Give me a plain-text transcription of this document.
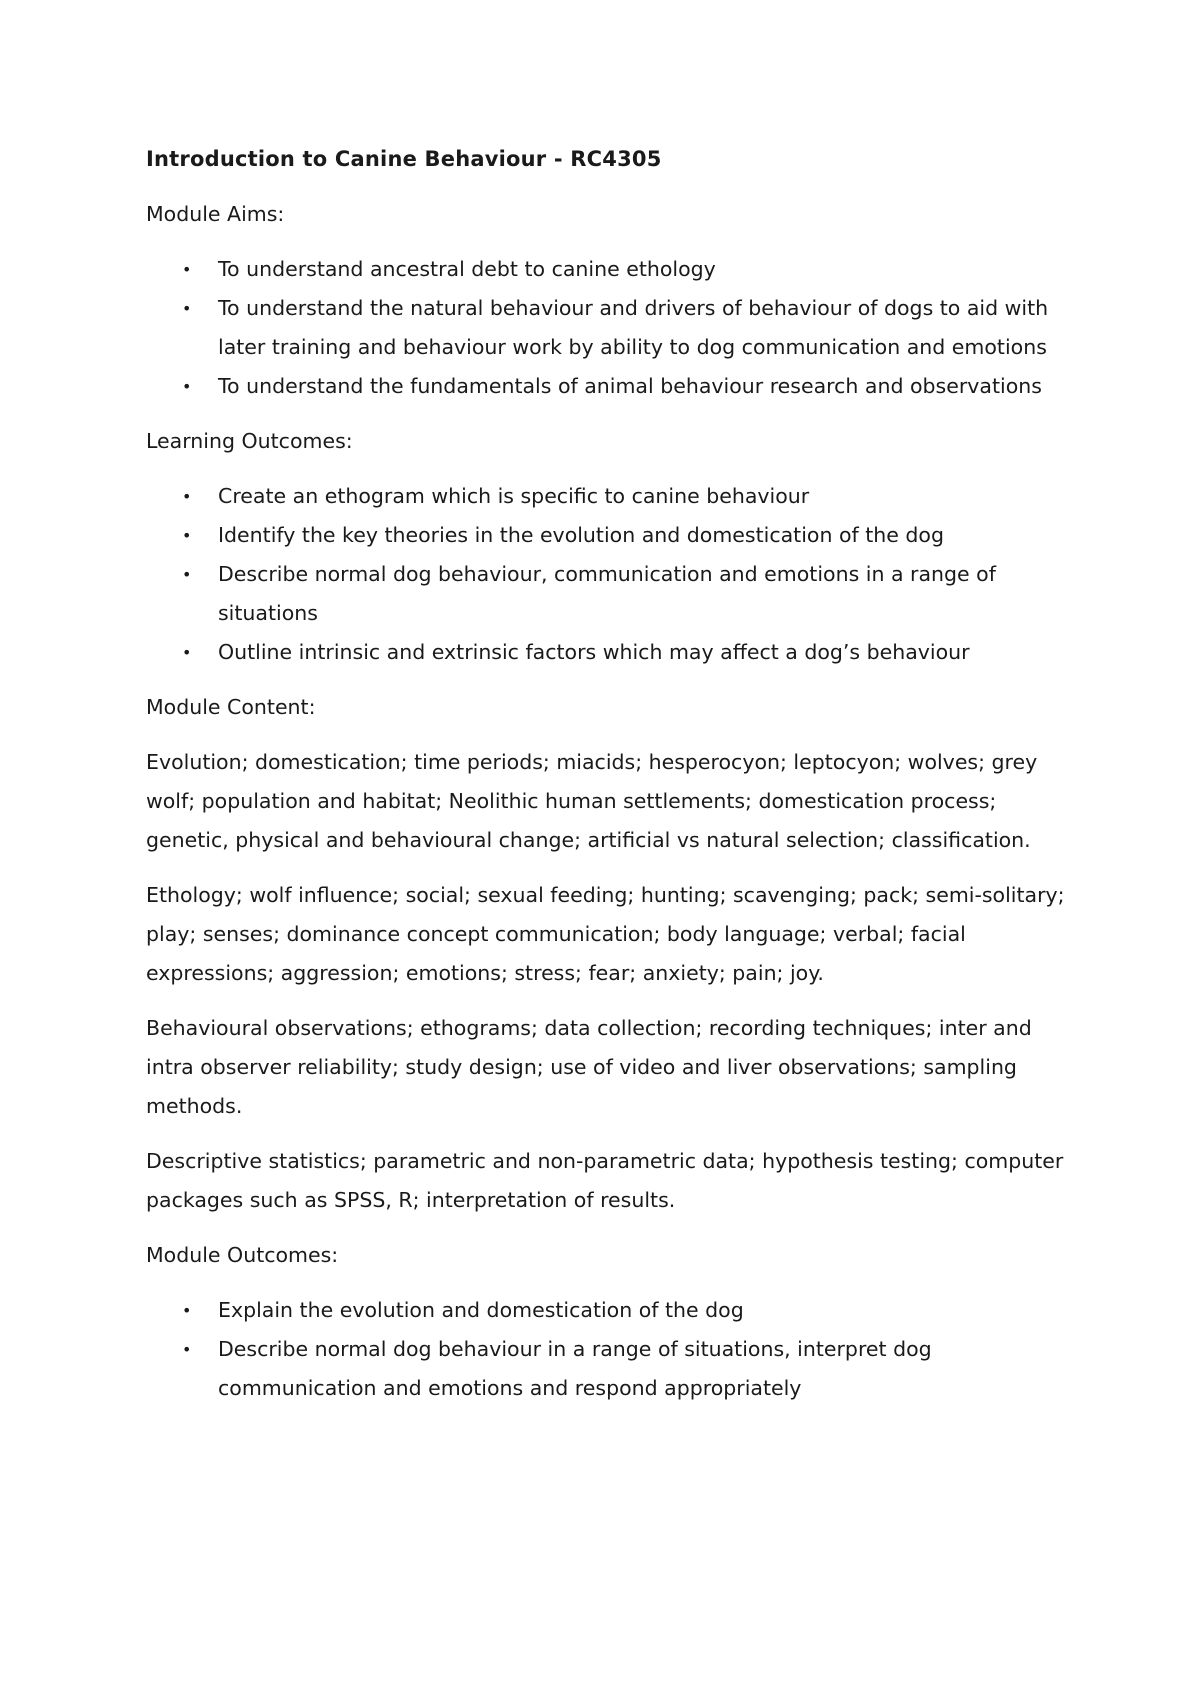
Introduction to Canine Behaviour - RC4305
Module Aims:
• To understand ancestral debt to canine ethology
• To understand the natural behaviour and drivers of behaviour of dogs to aid with later training and behaviour work by ability to dog communication and emotions
• To understand the fundamentals of animal behaviour research and observations
Learning Outcomes:
• Create an ethogram which is specific to canine behaviour
• Identify the key theories in the evolution and domestication of the dog
• Describe normal dog behaviour, communication and emotions in a range of situations
• Outline intrinsic and extrinsic factors which may affect a dog’s behaviour
Module Content:

Evolution; domestication; time periods; miacids; hesperocyon; leptocyon; wolves; grey wolf; population and habitat; Neolithic human settlements; domestication process; genetic, physical and behavioural change; artificial vs natural selection; classification.

Ethology; wolf influence; social; sexual feeding; hunting; scavenging; pack; semi-solitary; play; senses; dominance concept communication; body language; verbal; facial expressions; aggression; emotions; stress; fear; anxiety; pain; joy.

Behavioural observations; ethograms; data collection; recording techniques; inter and intra observer reliability; study design; use of video and liver observations; sampling methods.

Descriptive statistics; parametric and non-parametric data; hypothesis testing; computer packages such as SPSS, R; interpretation of results.

Module Outcomes:
• Explain the evolution and domestication of the dog
• Describe normal dog behaviour in a range of situations, interpret dog communication and emotions and respond appropriately
